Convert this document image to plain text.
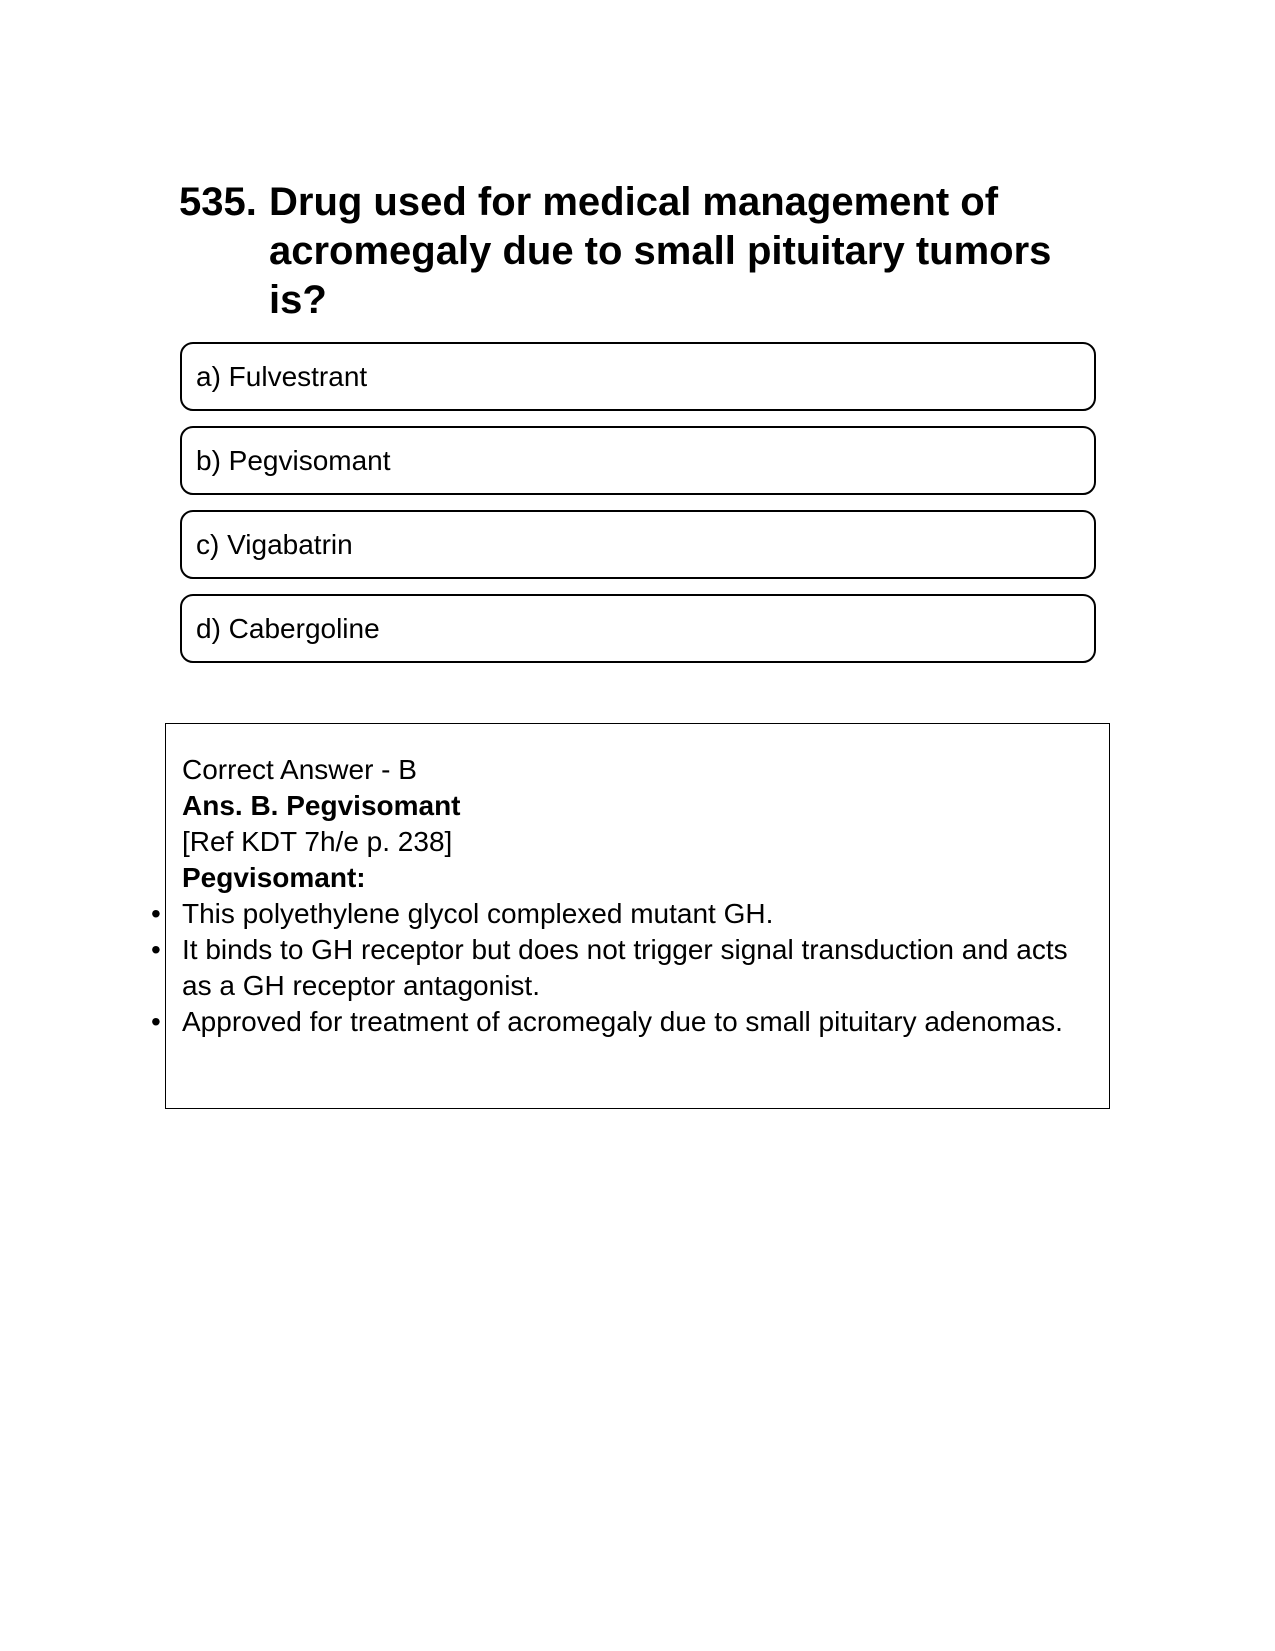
535. Drug used for medical management of acromegaly due to small pituitary tumors is?
a) Fulvestrant
b) Pegvisomant
c) Vigabatrin
d) Cabergoline
Correct Answer - B
Ans. B. Pegvisomant
[Ref KDT 7h/e p. 238]
Pegvisomant:
• This polyethylene glycol complexed mutant GH.
• It binds to GH receptor but does not trigger signal transduction and acts as a GH receptor antagonist.
• Approved for treatment of acromegaly due to small pituitary adenomas.
